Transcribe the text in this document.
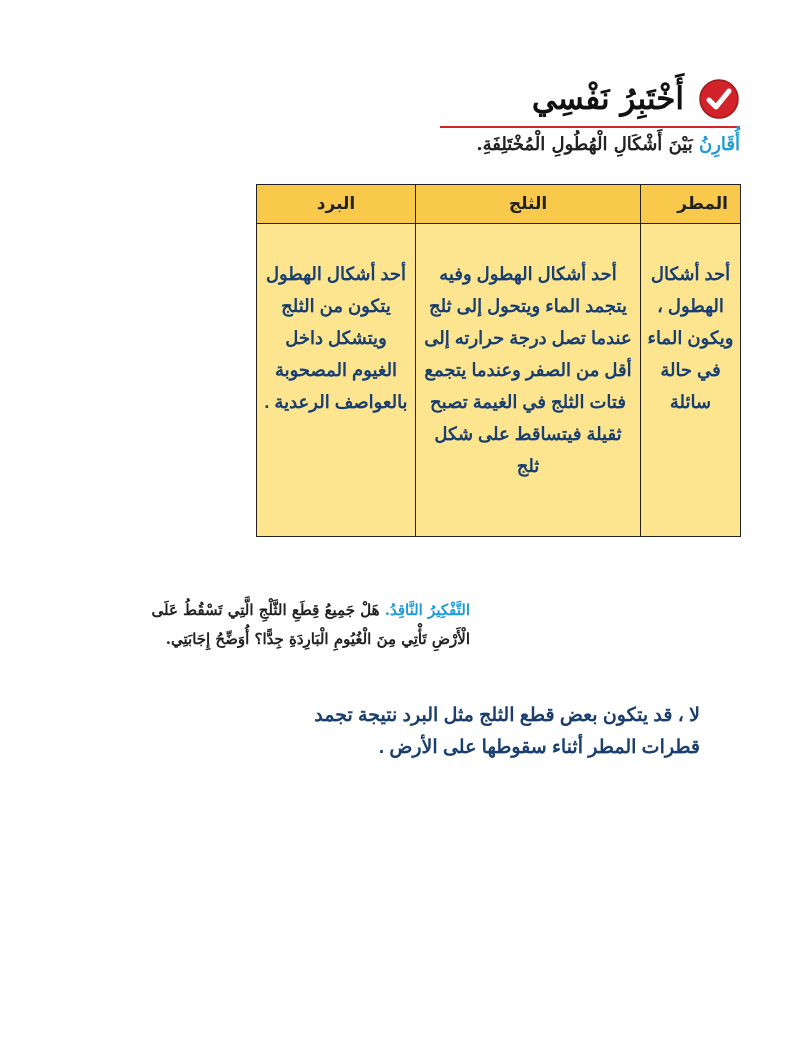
أَخْتَبِرُ نَفْسِي
أُقَارِنُ بَيْنَ أَشْكَالِ الْهُطُولِ الْمُخْتَلِفَةِ.
المطر	الثلج	البرد
أحد أشكال الهطول ، ويكون الماء في حالة سائلة	أحد أشكال الهطول وفيه يتجمد الماء ويتحول إلى ثلج عندما تصل درجة حرارته إلى أقل من الصفر وعندما يتجمع فتات الثلج في الغيمة تصبح ثقيلة فيتساقط على شكل ثلج	أحد أشكال الهطول يتكون من الثلج ويتشكل داخل الغيوم المصحوبة بالعواصف الرعدية .
التَّفْكِيرُ النَّاقِدُ. هَلْ جَمِيعُ قِطَعِ الثَّلْجِ الَّتِي تَسْقُطُ عَلَى الْأَرْضِ تَأْتِي مِنَ الْغُيُومِ الْبَارِدَةِ جِدًّا؟ أُوَضِّحُ إِجَابَتِي.
لا ، قد يتكون بعض قطع الثلج مثل البرد نتيجة تجمد قطرات المطر أثناء سقوطها على الأرض .
